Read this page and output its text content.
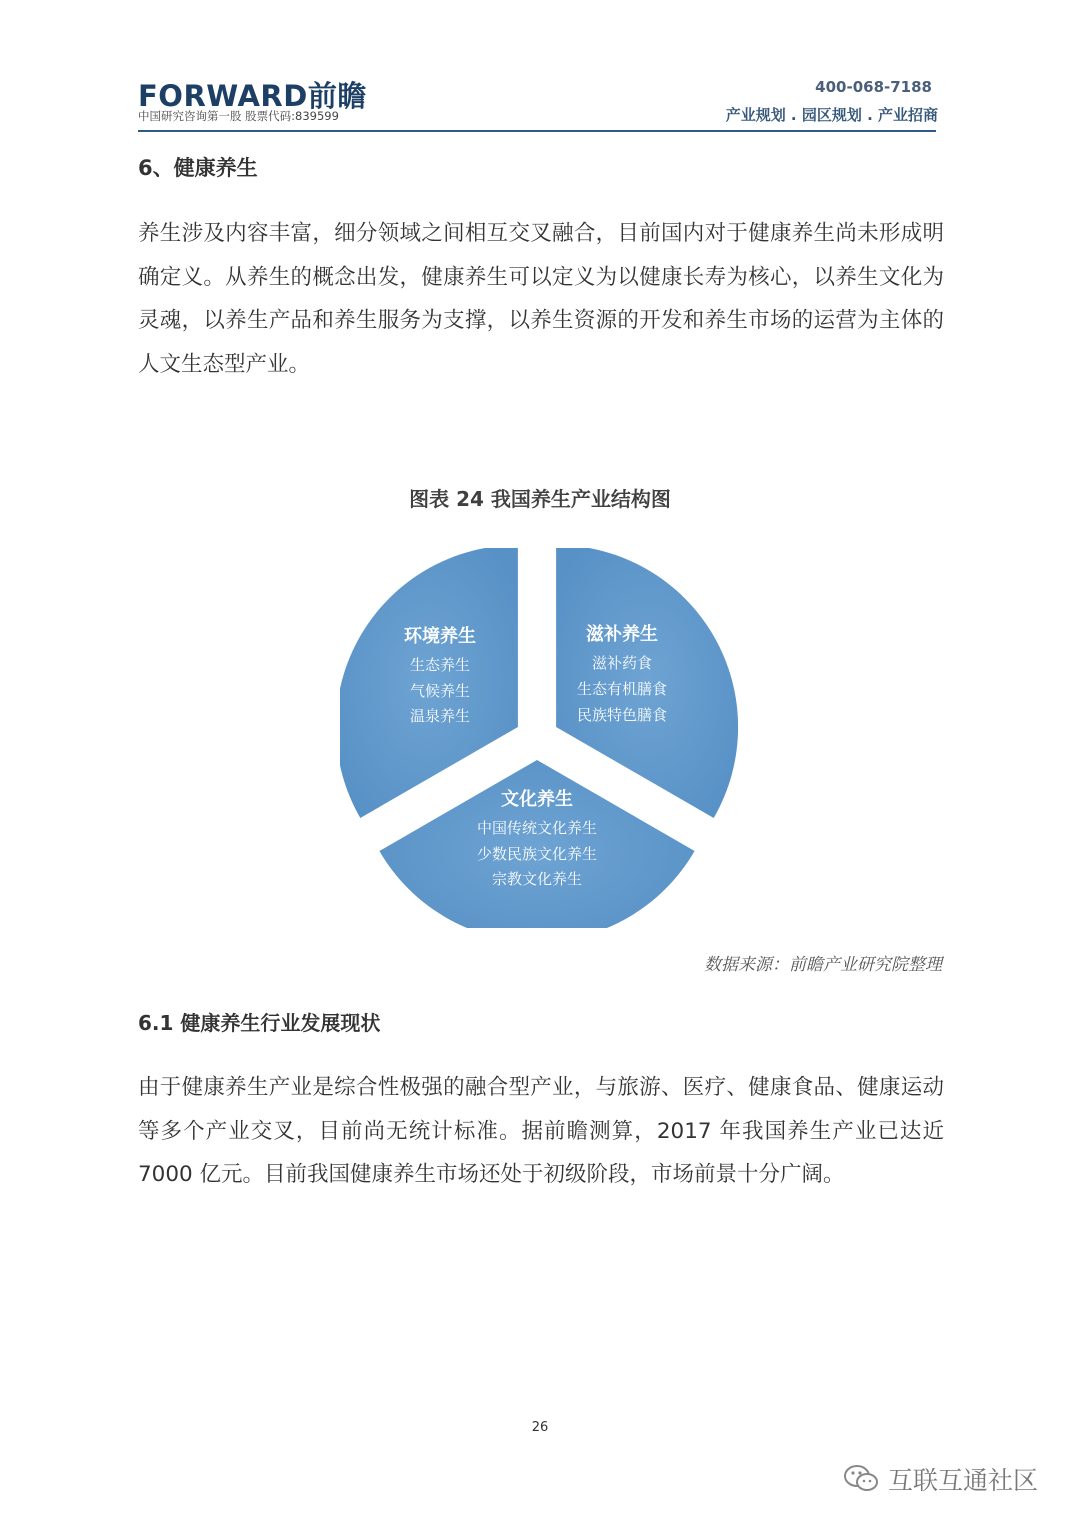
FORWARD前瞻
中国研究咨询第一股 股票代码:839599
400-068-7188
产业规划 . 园区规划 . 产业招商
6、健康养生
养生涉及内容丰富，细分领域之间相互交叉融合，目前国内对于健康养生尚未形成明确定义。从养生的概念出发，健康养生可以定义为以健康长寿为核心，以养生文化为灵魂，以养生产品和养生服务为支撑，以养生资源的开发和养生市场的运营为主体的人文生态型产业。
图表 24 我国养生产业结构图
环境养生
生态养生
气候养生
温泉养生
滋补养生
滋补药食
生态有机膳食
民族特色膳食
文化养生
中国传统文化养生
少数民族文化养生
宗教文化养生
数据来源：前瞻产业研究院整理
6.1 健康养生行业发展现状
由于健康养生产业是综合性极强的融合型产业，与旅游、医疗、健康食品、健康运动等多个产业交叉，目前尚无统计标准。据前瞻测算，2017 年我国养生产业已达近 7000 亿元。目前我国健康养生市场还处于初级阶段，市场前景十分广阔。
26
互联互通社区
